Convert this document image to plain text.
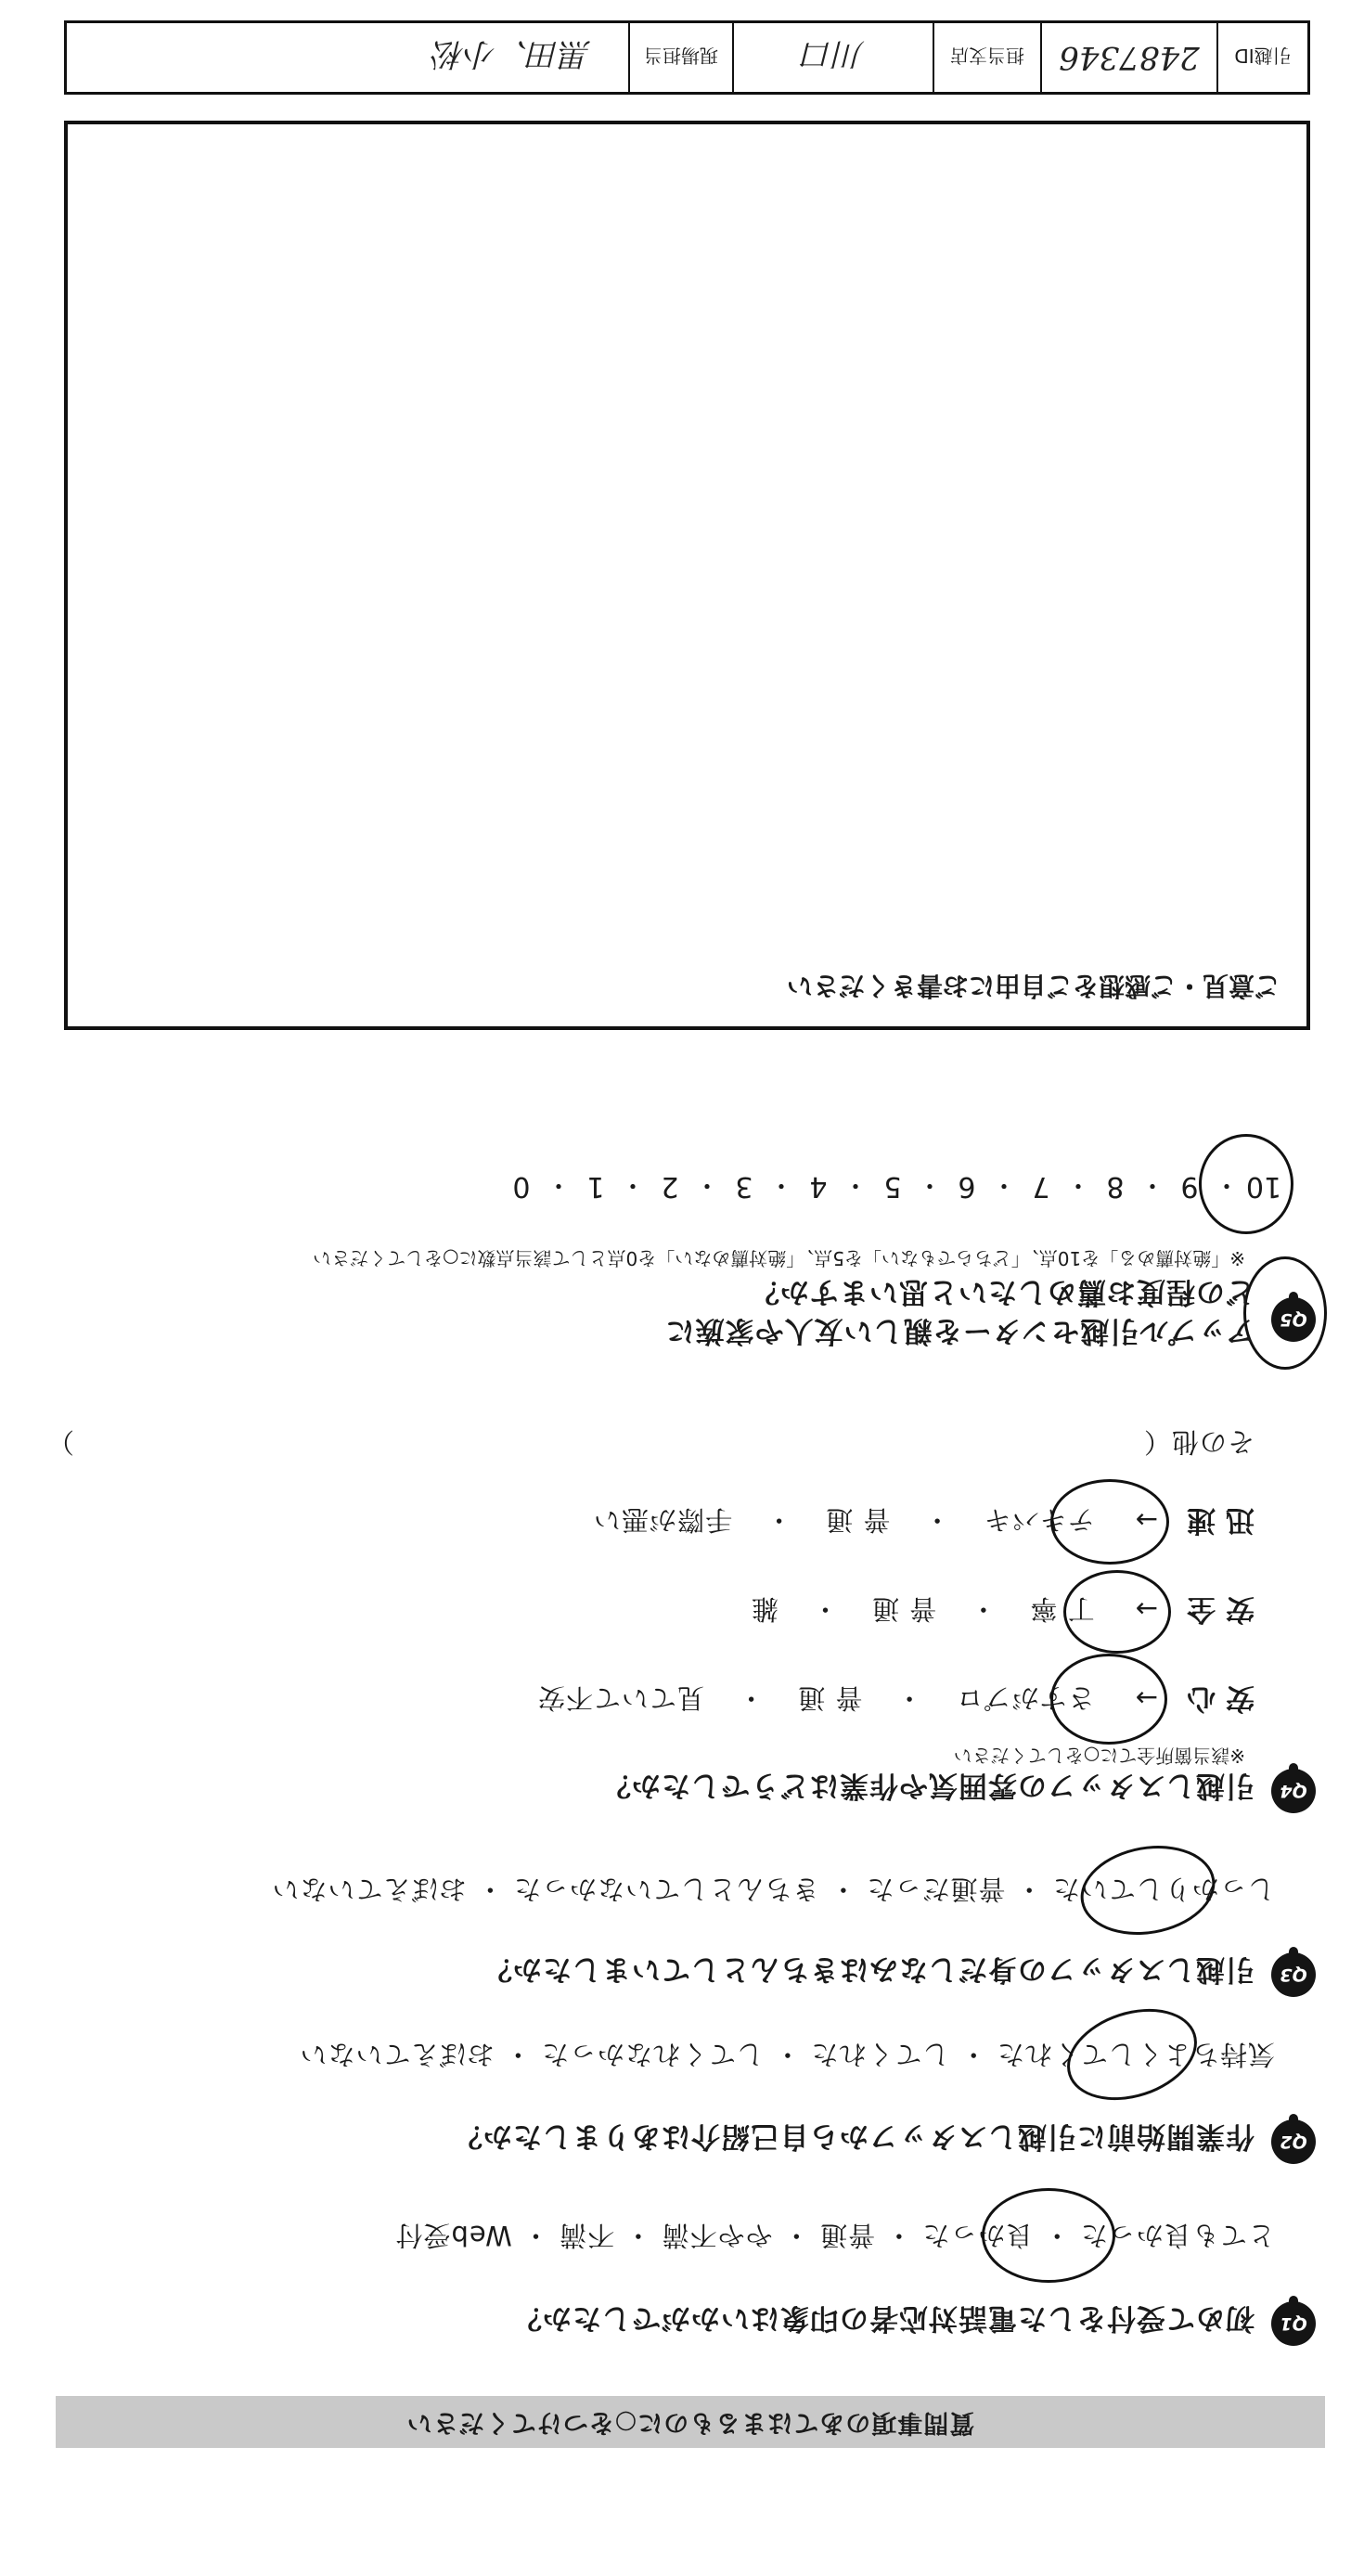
質問事項のあてはまるものに○をつけてください
Q1
初めて受付をした電話対応者の印象はいかがでしたか？
とても良かった ・ 良かった ・ 普通 ・ やや不満 ・ 不満 ・ Web受付
Q2
作業開始前に引越しスタッフから自己紹介はありましたか？
気持ちよくしてくれた ・ してくれた ・ してくれなかった ・ おぼえていない
Q3
引越しスタッフの身だしなみはきちんとしていましたか？
しっかりしていた ・ 普通だった ・ きちんとしていなかった ・ おぼえていない
Q4
引越しスタッフの雰囲気や作業はどうでしたか？
※該当箇所全てに○をしてください
安 心 → さすがプロ ・ 普 通 ・ 見ていて不安
安 全 → 丁 寧 ・ 普 通 ・ 雑
迅 速 → テキパキ ・ 普 通 ・ 手際が悪い
その他（
）
Q5
アップル引越センターを親しい友人や家族に
どの程度お薦めしたいと思いますか？
※「絶対薦める」を10点、「どちらでもない」を5点、「絶対薦めない」を0点として該当点数に○をしてください
10
・
9
・
8
・
7
・
6
・
5
・
4
・
3
・
2
・
1
・
0
ご意見・ご感想をご自由にお書きください
引越ID
2487346
担当支店
川口
現場担当
黒田、小松
